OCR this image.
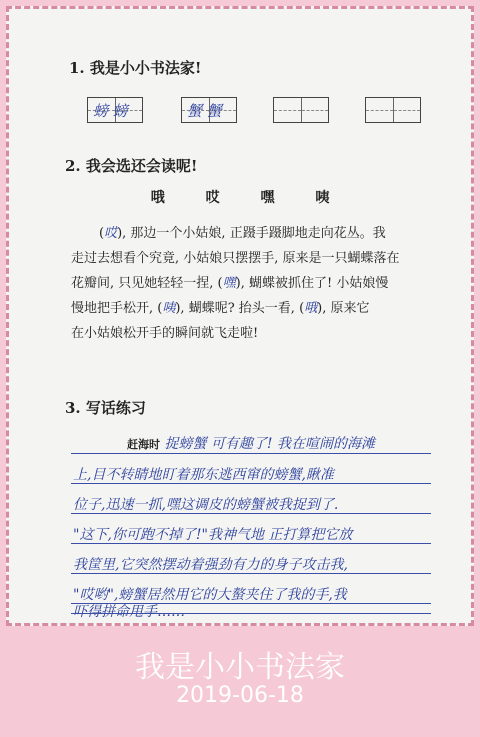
1. 我是小小书法家!
螃 螃	蟹 蟹
2. 我会选还会读呢!
哦	哎	嘿	咦
(哎), 那边一个小姑娘, 正蹑手蹑脚地走向花丛。我
走过去想看个究竟, 小姑娘只摆摆手, 原来是一只蝴蝶落在
花瓣间, 只见她轻轻一捏, (嘿), 蝴蝶被抓住了! 小姑娘慢
慢地把手松开, (咦), 蝴蝶呢? 抬头一看, (哦), 原来它
在小姑娘松开手的瞬间就飞走啦!
3. 写话练习
赶海时 捉螃蟹 可有趣了! 我在喧闹的海滩
上,目不转睛地盯着那东逃西窜的螃蟹,瞅准
位子,迅速一抓,嘿这调皮的螃蟹被我捉到了.
"这下,你可跑不掉了!"我神气地 正打算把它放
我筐里,它突然摆动着强劲有力的身子攻击我,
"哎哟",螃蟹居然用它的大螯夹住了我的手,我
吓得拼命甩手……
我是小小书法家
2019-06-18
